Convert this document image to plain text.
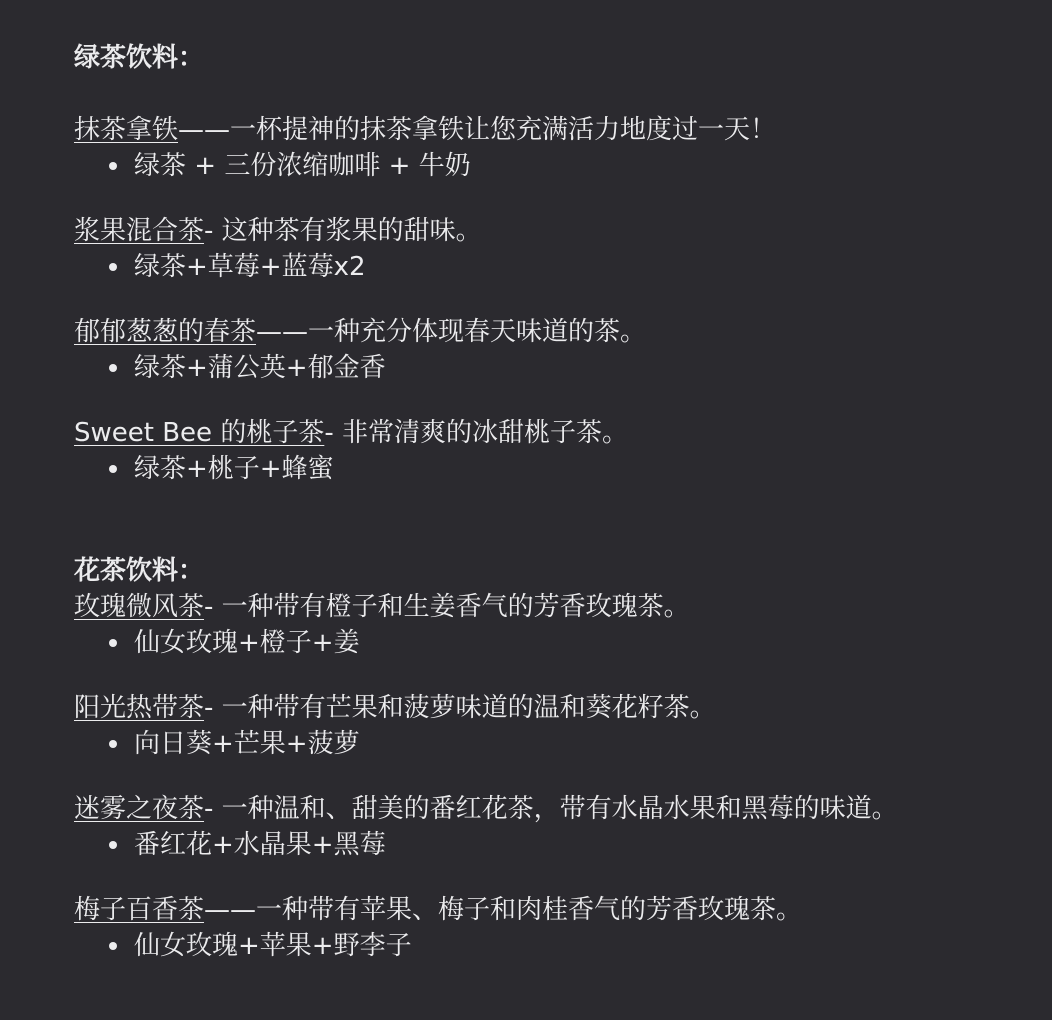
绿茶饮料：
抹茶拿铁——一杯提神的抹茶拿铁让您充满活力地度过一天！
绿茶 + 三份浓缩咖啡 + 牛奶
浆果混合茶- 这种茶有浆果的甜味。
绿茶+草莓+蓝莓x2
郁郁葱葱的春茶——一种充分体现春天味道的茶。
绿茶+蒲公英+郁金香
Sweet Bee 的桃子茶- 非常清爽的冰甜桃子茶。
绿茶+桃子+蜂蜜
花茶饮料：
玫瑰微风茶- 一种带有橙子和生姜香气的芳香玫瑰茶。
仙女玫瑰+橙子+姜
阳光热带茶- 一种带有芒果和菠萝味道的温和葵花籽茶。
向日葵+芒果+菠萝
迷雾之夜茶- 一种温和、甜美的番红花茶，带有水晶水果和黑莓的味道。
番红花+水晶果+黑莓
梅子百香茶——一种带有苹果、梅子和肉桂香气的芳香玫瑰茶。
仙女玫瑰+苹果+野李子
